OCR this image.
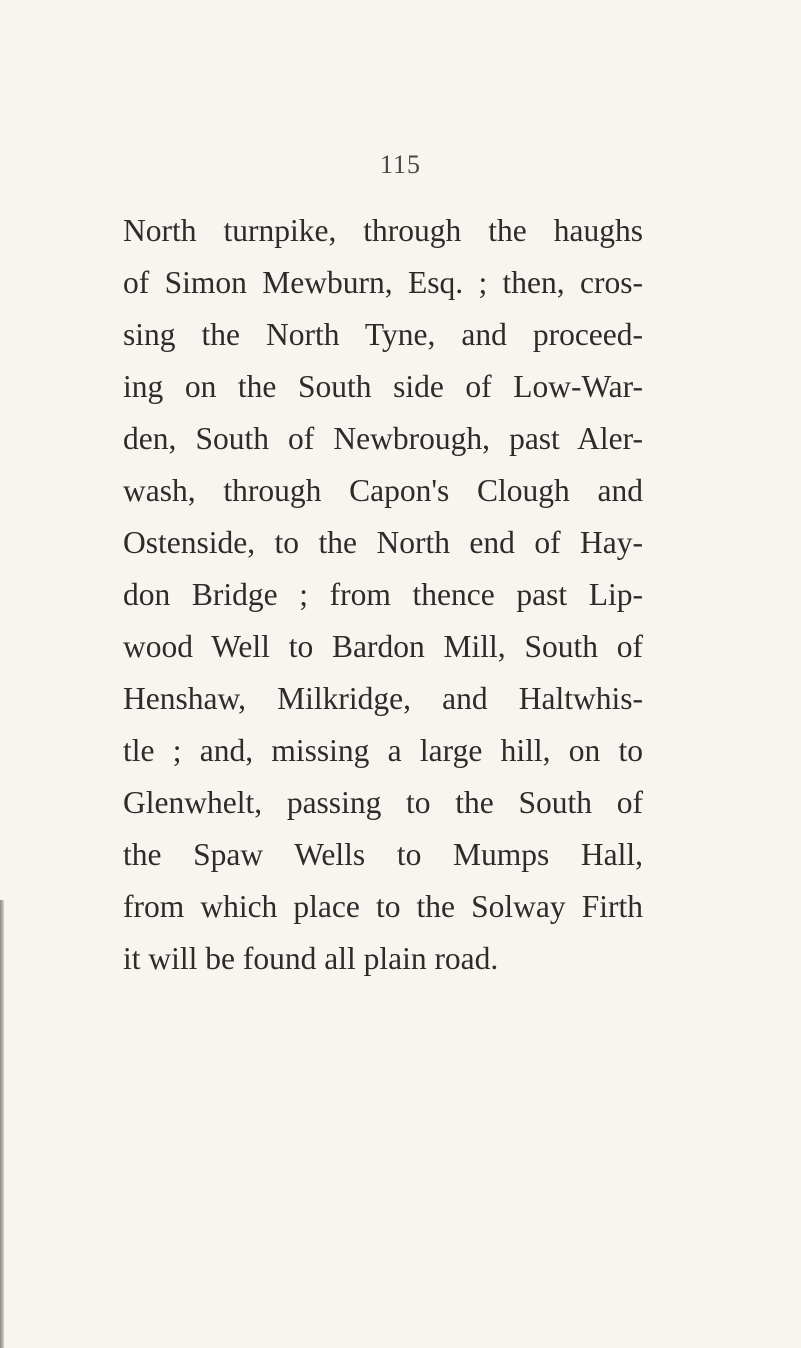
115
North turnpike, through the haughs
of Simon Mewburn, Esq. ; then, cros-
sing the North Tyne, and proceed-
ing on the South side of Low-War-
den, South of Newbrough, past Aler-
wash, through Capon's Clough and
Ostenside, to the North end of Hay-
don Bridge ; from thence past Lip-
wood Well to Bardon Mill, South of
Henshaw, Milkridge, and Haltwhis-
tle ; and, missing a large hill, on to
Glenwhelt, passing to the South of
the Spaw Wells to Mumps Hall,
from which place to the Solway Firth
it will be found all plain road.
